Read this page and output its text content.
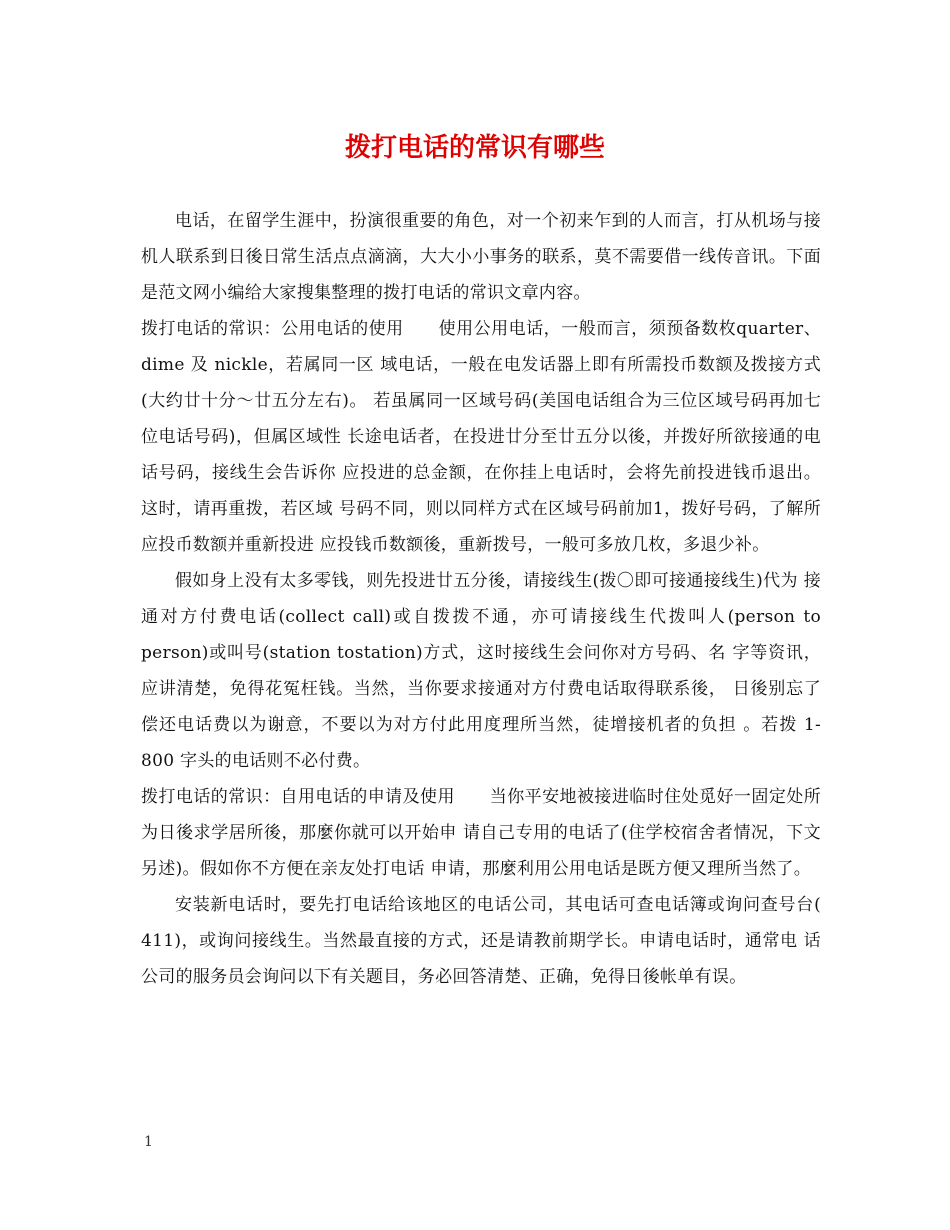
拨打电话的常识有哪些

电话，在留学生涯中，扮演很重要的角色，对一个初来乍到的人而言，打从机场与接 机人联系到日後日常生活点点滴滴，大大小小事务的联系，莫不需要借一线传音讯。下面是范文网小编给大家搜集整理的拨打电话的常识文章内容。

拨打电话的常识：公用电话的使用　　使用公用电话，一般而言，须预备数枚quarter、dime 及 nickle，若属同一区 域电话，一般在电发话器上即有所需投币数额及拨接方式(大约廿十分～廿五分左右)。 若虽属同一区域号码(美国电话组合为三位区域号码再加七位电话号码)，但属区域性 长途电话者，在投进廿分至廿五分以後，并拨好所欲接通的电话号码，接线生会告诉你 应投进的总金额，在你挂上电话时，会将先前投进钱币退出。这时，请再重拨，若区域 号码不同，则以同样方式在区域号码前加1，拨好号码，了解所应投币数额并重新投进 应投钱币数额後，重新拨号，一般可多放几枚，多退少补。

假如身上没有太多零钱，则先投进廿五分後，请接线生(拨〇即可接通接线生)代为 接通对方付费电话(collect call)或自拨拨不通，亦可请接线生代拨叫人(person to person)或叫号(station tostation)方式，这时接线生会问你对方号码、名 字等资讯，应讲清楚，免得花冤枉钱。当然，当你要求接通对方付费电话取得联系後， 日後别忘了偿还电话费以为谢意，不要以为对方付此用度理所当然，徒增接机者的负担 。若拨 1-800 字头的电话则不必付费。

拨打电话的常识：自用电话的申请及使用　　当你平安地被接进临时住处觅好一固定处所为日後求学居所後，那麼你就可以开始申 请自己专用的电话了(住学校宿舍者情况，下文另述)。假如你不方便在亲友处打电话 申请，那麼利用公用电话是既方便又理所当然了。

安装新电话时，要先打电话给该地区的电话公司，其电话可查电话簿或询问查号台( 411)，或询问接线生。当然最直接的方式，还是请教前期学长。申请电话时，通常电 话公司的服务员会询问以下有关题目，务必回答清楚、正确，免得日後帐单有误。

1
